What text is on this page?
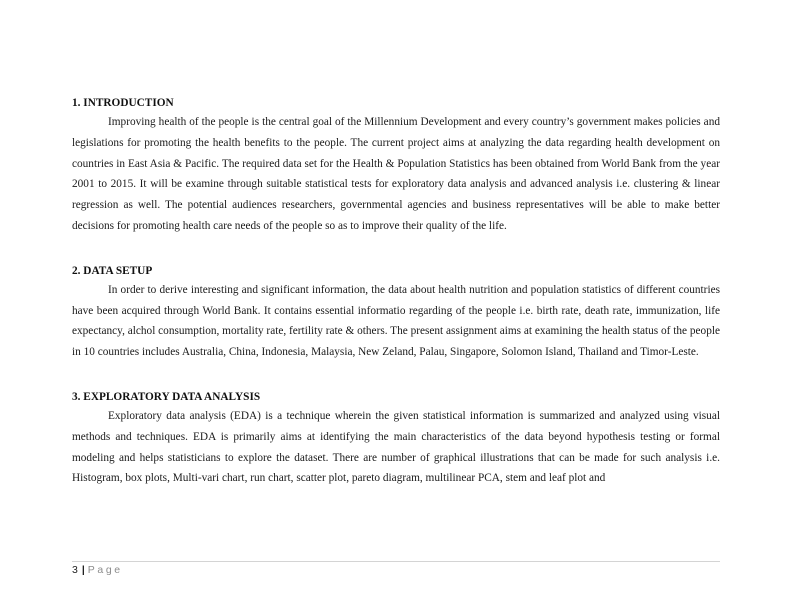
1. INTRODUCTION

Improving health of the people is the central goal of the Millennium Development and every country’s government makes policies and legislations for promoting the health benefits to the people. The current project aims at analyzing the data regarding health development on countries in East Asia & Pacific. The required data set for the Health & Population Statistics has been obtained from World Bank from the year 2001 to 2015. It will be examine through suitable statistical tests for exploratory data analysis and advanced analysis i.e. clustering & linear regression as well. The potential audiences researchers, governmental agencies and business representatives will be able to make better decisions for promoting health care needs of the people so as to improve their quality of the life.

2. DATA SETUP

In order to derive interesting and significant information, the data about health nutrition and population statistics of different countries have been acquired through World Bank. It contains essential informatio regarding of the people i.e. birth rate, death rate, immunization, life expectancy, alchol consumption, mortality rate, fertility rate & others. The present assignment aims at examining the health status of the people in 10 countries includes Australia, China, Indonesia, Malaysia, New Zeland, Palau, Singapore, Solomon Island, Thailand and Timor-Leste.

3. EXPLORATORY DATA ANALYSIS

Exploratory data analysis (EDA) is a technique wherein the given statistical information is summarized and analyzed using visual methods and techniques. EDA is primarily aims at identifying the main characteristics of the data beyond hypothesis testing or formal modeling and helps statisticians to explore the dataset. There are number of graphical illustrations that can be made for such analysis i.e. Histogram, box plots, Multi-vari chart, run chart, scatter plot, pareto diagram, multilinear PCA, stem and leaf plot and

3 | Page
